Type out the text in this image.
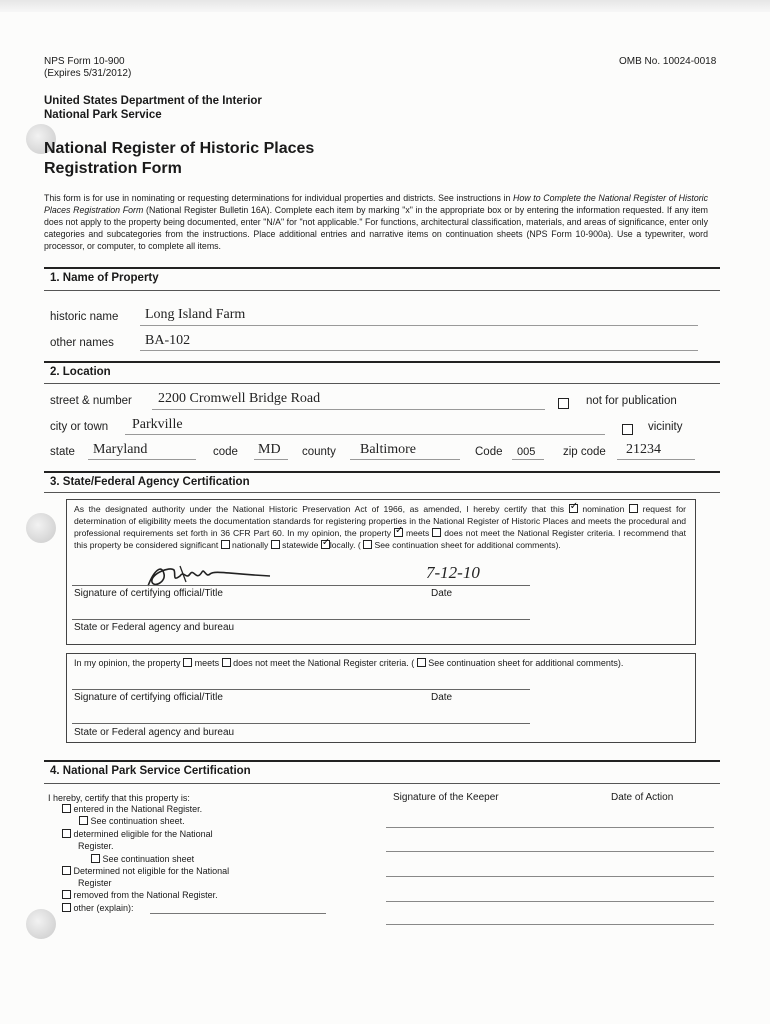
NPS Form 10-900
(Expires 5/31/2012)
OMB No. 10024-0018
United States Department of the Interior
National Park Service
National Register of Historic Places
Registration Form
This form is for use in nominating or requesting determinations for individual properties and districts. See instructions in How to Complete the National Register of Historic Places Registration Form (National Register Bulletin 16A). Complete each item by marking "x" in the appropriate box or by entering the information requested. If any item does not apply to the property being documented, enter "N/A" for "not applicable." For functions, architectural classification, materials, and areas of significance, enter only categories and subcategories from the instructions. Place additional entries and narrative items on continuation sheets (NPS Form 10-900a). Use a typewriter, word processor, or computer, to complete all items.
1. Name of Property
historic name Long Island Farm
other names BA-102
2. Location
street & number 2200 Cromwell Bridge Road	not for publication
city or town Parkville	vicinity
state Maryland	code MD county Baltimore	Code 005 zip code 21234
3. State/Federal Agency Certification
As the designated authority under the National Historic Preservation Act of 1966, as amended, I hereby certify that this ✓ nomination request for determination of eligibility meets the documentation standards for registering properties in the National Register of Historic Places and meets the procedural and professional requirements set forth in 36 CFR Part 60. In my opinion, the property ✓ meets does not meet the National Register criteria. I recommend that this property be considered significant nationally statewide ✓ locally. ( See continuation sheet for additional comments).
7-12-10
Signature of certifying official/Title	Date
State or Federal agency and bureau
In my opinion, the property meets does not meet the National Register criteria. ( See continuation sheet for additional comments).
Signature of certifying official/Title	Date
State or Federal agency and bureau
4. National Park Service Certification
I hereby, certify that this property is:
entered in the National Register.
See continuation sheet.
determined eligible for the National
Register.
See continuation sheet
Determined not eligible for the National
Register
removed from the National Register.
other (explain):
Signature of the Keeper	Date of Action
